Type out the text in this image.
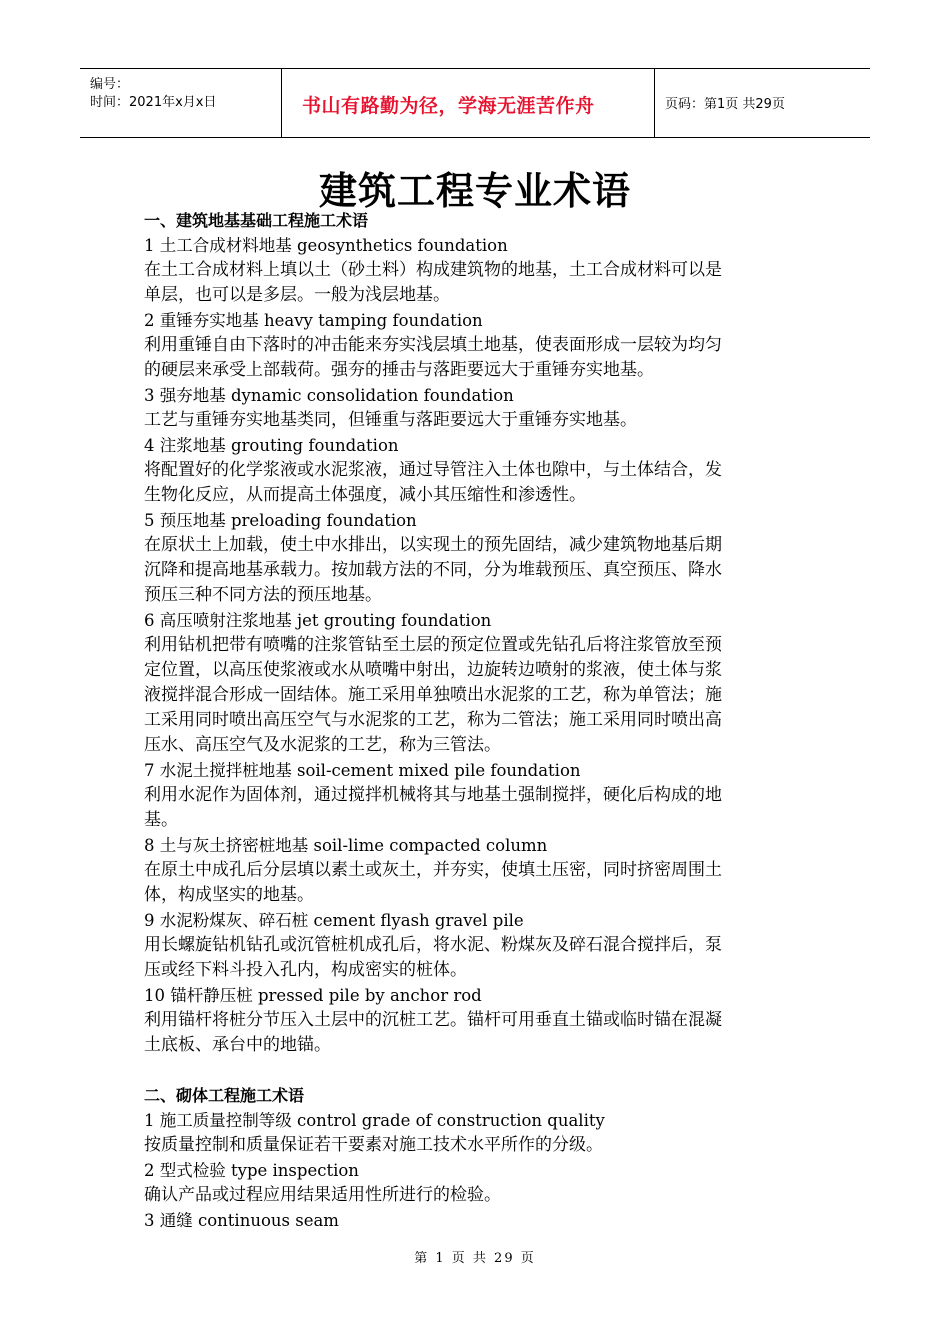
编号：
时间：2021年x月x日	书山有路勤为径，学海无涯苦作舟	页码：第1页 共29页
建筑工程专业术语
一、建筑地基基础工程施工术语
1 土工合成材料地基 geosynthetics foundation
在土工合成材料上填以土（砂土料）构成建筑物的地基，土工合成材料可以是
单层，也可以是多层。一般为浅层地基。
2 重锤夯实地基 heavy tamping foundation
利用重锤自由下落时的冲击能来夯实浅层填土地基，使表面形成一层较为均匀
的硬层来承受上部载荷。强夯的捶击与落距要远大于重锤夯实地基。
3 强夯地基 dynamic consolidation foundation
工艺与重锤夯实地基类同，但锤重与落距要远大于重锤夯实地基。
4 注浆地基 grouting foundation
将配置好的化学浆液或水泥浆液，通过导管注入土体也隙中，与土体结合，发
生物化反应，从而提高土体强度，减小其压缩性和渗透性。
5 预压地基 preloading foundation
在原状土上加载，使土中水排出，以实现土的预先固结，减少建筑物地基后期
沉降和提高地基承载力。按加载方法的不同，分为堆载预压、真空预压、降水
预压三种不同方法的预压地基。
6 高压喷射注浆地基 jet grouting foundation
利用钻机把带有喷嘴的注浆管钻至土层的预定位置或先钻孔后将注浆管放至预
定位置，以高压使浆液或水从喷嘴中射出，边旋转边喷射的浆液，使土体与浆
液搅拌混合形成一固结体。施工采用单独喷出水泥浆的工艺，称为单管法；施
工采用同时喷出高压空气与水泥浆的工艺，称为二管法；施工采用同时喷出高
压水、高压空气及水泥浆的工艺，称为三管法。
7 水泥土搅拌桩地基 soil-cement mixed pile foundation
利用水泥作为固体剂，通过搅拌机械将其与地基土强制搅拌，硬化后构成的地
基。
8 土与灰土挤密桩地基 soil-lime compacted column
在原土中成孔后分层填以素土或灰土，并夯实，使填土压密，同时挤密周围土
体，构成坚实的地基。
9 水泥粉煤灰、碎石桩 cement flyash gravel pile
用长螺旋钻机钻孔或沉管桩机成孔后，将水泥、粉煤灰及碎石混合搅拌后，泵
压或经下料斗投入孔内，构成密实的桩体。
10 锚杆静压桩 pressed pile by anchor rod
利用锚杆将桩分节压入土层中的沉桩工艺。锚杆可用垂直土锚或临时锚在混凝
土底板、承台中的地锚。
二、砌体工程施工术语
1 施工质量控制等级 control grade of construction quality
按质量控制和质量保证若干要素对施工技术水平所作的分级。
2 型式检验 type inspection
确认产品或过程应用结果适用性所进行的检验。
3 通缝 continuous seam
第 1 页 共 29 页
